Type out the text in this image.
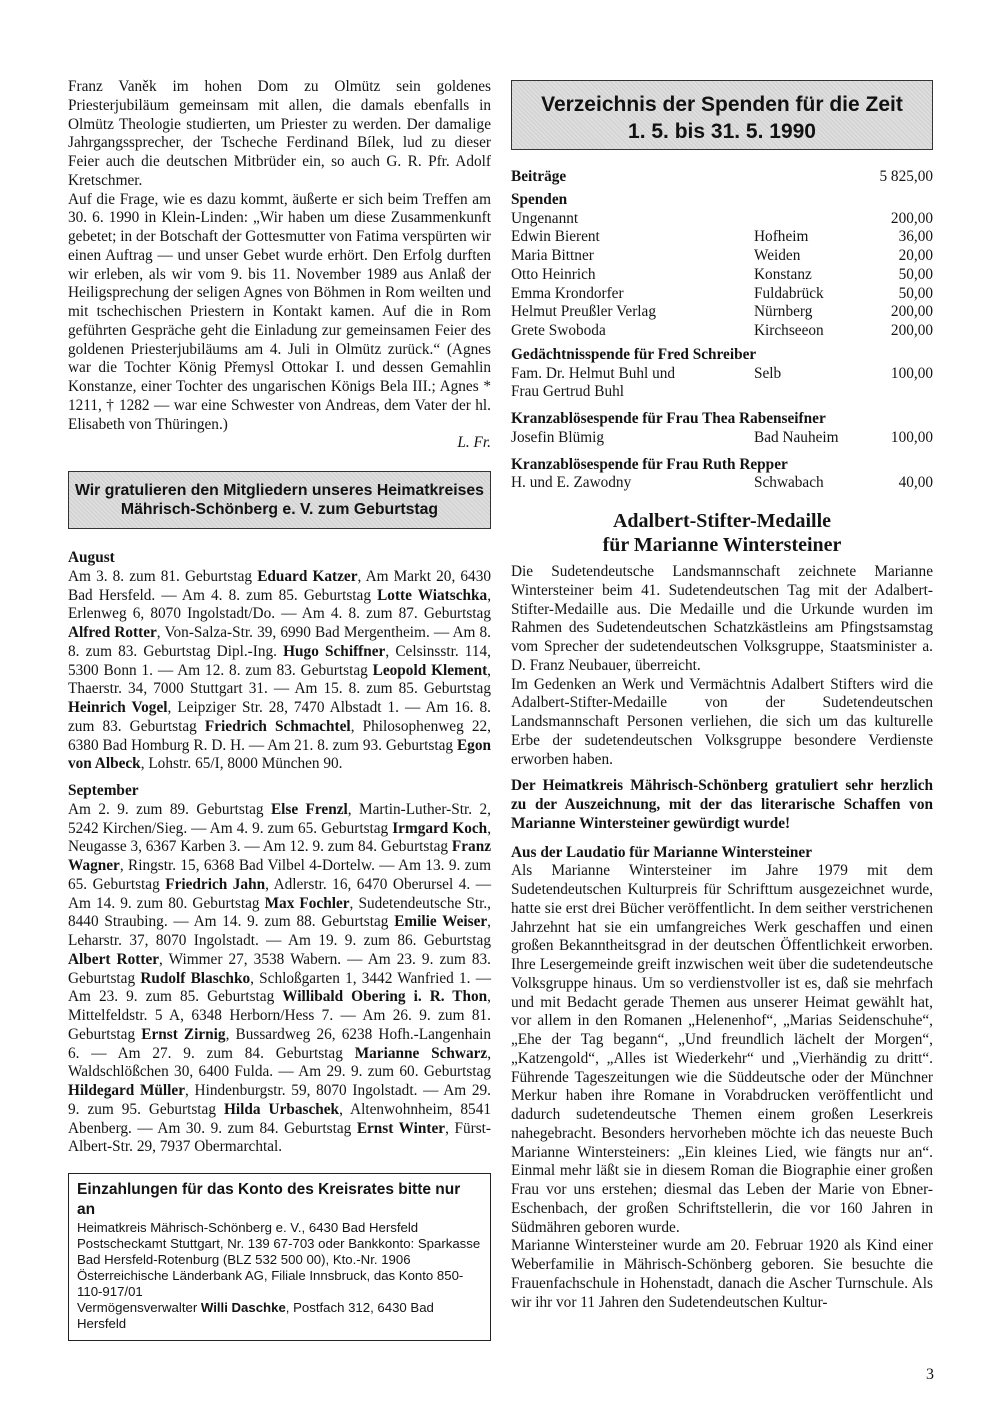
Franz Vaněk im hohen Dom zu Olmütz sein goldenes Priesterjubiläum gemeinsam mit allen, die damals ebenfalls in Olmütz Theologie studierten, um Priester zu werden. Der damalige Jahrgangssprecher, der Tscheche Ferdinand Bílek, lud zu dieser Feier auch die deutschen Mitbrüder ein, so auch G. R. Pfr. Adolf Kretschmer.

Auf die Frage, wie es dazu kommt, äußerte er sich beim Treffen am 30. 6. 1990 in Klein-Linden: „Wir haben um diese Zusammenkunft gebetet; in der Botschaft der Gottesmutter von Fatima verspürten wir einen Auftrag — und unser Gebet wurde erhört. Den Erfolg durften wir erleben, als wir vom 9. bis 11. November 1989 aus Anlaß der Heiligsprechung der seligen Agnes von Böhmen in Rom weilten und mit tschechischen Priestern in Kontakt kamen. Auf die in Rom geführten Gespräche geht die Einladung zur gemeinsamen Feier des goldenen Priesterjubiläums am 4. Juli in Olmütz zurück.“ (Agnes war die Tochter König Přemysl Ottokar I. und dessen Gemahlin Konstanze, einer Tochter des ungarischen Königs Bela III.; Agnes * 1211, † 1282 — war eine Schwester von Andreas, dem Vater der hl. Elisabeth von Thüringen.)

L. Fr.

Wir gratulieren den Mitgliedern unseres Heimatkreises
Mährisch-Schönberg e. V. zum Geburtstag
August

Am 3. 8. zum 81. Geburtstag Eduard Katzer, Am Markt 20, 6430 Bad Hersfeld. — Am 4. 8. zum 85. Geburtstag Lotte Wiatschka, Erlenweg 6, 8070 Ingolstadt/Do. — Am 4. 8. zum 87. Geburtstag Alfred Rotter, Von-Salza-Str. 39, 6990 Bad Mergentheim. — Am 8. 8. zum 83. Geburtstag Dipl.-Ing. Hugo Schiffner, Celsinsstr. 114, 5300 Bonn 1. — Am 12. 8. zum 83. Geburtstag Leopold Klement, Thaerstr. 34, 7000 Stuttgart 31. — Am 15. 8. zum 85. Geburtstag Heinrich Vogel, Leipziger Str. 28, 7470 Albstadt 1. — Am 16. 8. zum 83. Geburtstag Friedrich Schmachtel, Philosophenweg 22, 6380 Bad Homburg R. D. H. — Am 21. 8. zum 93. Geburtstag Egon von Albeck, Lohstr. 65/I, 8000 München 90.

September

Am 2. 9. zum 89. Geburtstag Else Frenzl, Martin-Luther-Str. 2, 5242 Kirchen/Sieg. — Am 4. 9. zum 65. Geburtstag Irmgard Koch, Neugasse 3, 6367 Karben 3. — Am 12. 9. zum 84. Geburtstag Franz Wagner, Ringstr. 15, 6368 Bad Vilbel 4-Dortelw. — Am 13. 9. zum 65. Geburtstag Friedrich Jahn, Adlerstr. 16, 6470 Oberursel 4. — Am 14. 9. zum 80. Geburtstag Max Fochler, Sudetendeutsche Str., 8440 Straubing. — Am 14. 9. zum 88. Geburtstag Emilie Weiser, Leharstr. 37, 8070 Ingolstadt. — Am 19. 9. zum 86. Geburtstag Albert Rotter, Wimmer 27, 3538 Wabern. — Am 23. 9. zum 83. Geburtstag Rudolf Blaschko, Schloßgarten 1, 3442 Wanfried 1. — Am 23. 9. zum 85. Geburtstag Willibald Obering i. R. Thon, Mittelfeldstr. 5 A, 6348 Herborn/Hess 7. — Am 26. 9. zum 81. Geburtstag Ernst Zirnig, Bussardweg 26, 6238 Hofh.-Langenhain 6. — Am 27. 9. zum 84. Geburtstag Marianne Schwarz, Waldschlößchen 30, 6400 Fulda. — Am 29. 9. zum 60. Geburtstag Hildegard Müller, Hindenburgstr. 59, 8070 Ingolstadt. — Am 29. 9. zum 95. Geburtstag Hilda Urbaschek, Altenwohnheim, 8541 Abenberg. — Am 30. 9. zum 84. Geburtstag Ernst Winter, Fürst-Albert-Str. 29, 7937 Obermarchtal.

Einzahlungen für das Konto des Kreisrates bitte nur an

Heimatkreis Mährisch-Schönberg e. V., 6430 Bad Hersfeld Postscheckamt Stuttgart, Nr. 139 67-703 oder Bankkonto: Sparkasse Bad Hersfeld-Rotenburg (BLZ 532 500 00), Kto.-Nr. 1906 Österreichische Länderbank AG, Filiale Innsbruck, das Konto 850-110-917/01

Vermögensverwalter Willi Daschke, Postfach 312, 6430 Bad Hersfeld

Verzeichnis der Spenden für die Zeit
1. 5. bis 31. 5. 1990
Beiträge	5 825,00
Spenden
Ungenannt	200,00
Edwin Bierent	Hofheim	36,00
Maria Bittner	Weiden	20,00
Otto Heinrich	Konstanz	50,00
Emma Krondorfer	Fuldabrück	50,00
Helmut Preußler Verlag	Nürnberg	200,00
Grete Swoboda	Kirchseeon	200,00
Gedächtnisspende für Fred Schreiber
Fam. Dr. Helmut Buhl und	Selb	100,00
Frau Gertrud Buhl
Kranzablösespende für Frau Thea Rabenseifner
Josefin Blümig	Bad Nauheim	100,00
Kranzablösespende für Frau Ruth Repper
H. und E. Zawodny	Schwabach	40,00
Adalbert-Stifter-Medaille
für Marianne Wintersteiner

Die Sudetendeutsche Landsmannschaft zeichnete Marianne Wintersteiner beim 41. Sudetendeutschen Tag mit der Adalbert-Stifter-Medaille aus. Die Medaille und die Urkunde wurden im Rahmen des Sudetendeutschen Schatzkästleins am Pfingstsamstag vom Sprecher der sudetendeutschen Volksgruppe, Staatsminister a. D. Franz Neubauer, überreicht.

Im Gedenken an Werk und Vermächtnis Adalbert Stifters wird die Adalbert-Stifter-Medaille von der Sudetendeutschen Landsmannschaft Personen verliehen, die sich um das kulturelle Erbe der sudetendeutschen Volksgruppe besondere Verdienste erworben haben.

Der Heimatkreis Mährisch-Schönberg gratuliert sehr herzlich zu der Auszeichnung, mit der das literarische Schaffen von Marianne Wintersteiner gewürdigt wurde!

Aus der Laudatio für Marianne Wintersteiner

Als Marianne Wintersteiner im Jahre 1979 mit dem Sudetendeutschen Kulturpreis für Schrifttum ausgezeichnet wurde, hatte sie erst drei Bücher veröffentlicht. In dem seither verstrichenen Jahrzehnt hat sie ein umfangreiches Werk geschaffen und einen großen Bekanntheitsgrad in der deutschen Öffentlichkeit erworben. Ihre Lesergemeinde greift inzwischen weit über die sudetendeutsche Volksgruppe hinaus. Um so verdienstvoller ist es, daß sie mehrfach und mit Bedacht gerade Themen aus unserer Heimat gewählt hat, vor allem in den Romanen „Helenenhof“, „Marias Seidenschuhe“, „Ehe der Tag begann“, „Und freundlich lächelt der Morgen“, „Katzengold“, „Alles ist Wiederkehr“ und „Vierhändig zu dritt“. Führende Tageszeitungen wie die Süddeutsche oder der Münchner Merkur haben ihre Romane in Vorabdrucken veröffentlicht und dadurch sudetendeutsche Themen einem großen Leserkreis nahegebracht. Besonders hervorheben möchte ich das neueste Buch Marianne Wintersteiners: „Ein kleines Lied, wie fängts nur an“. Einmal mehr läßt sie in diesem Roman die Biographie einer großen Frau vor uns erstehen; diesmal das Leben der Marie von Ebner-Eschenbach, der großen Schriftstellerin, die vor 160 Jahren in Südmähren geboren wurde.

Marianne Wintersteiner wurde am 20. Februar 1920 als Kind einer Weberfamilie in Mährisch-Schönberg geboren. Sie besuchte die Frauenfachschule in Hohenstadt, danach die Ascher Turnschule. Als wir ihr vor 11 Jahren den Sudetendeutschen Kultur-

3
